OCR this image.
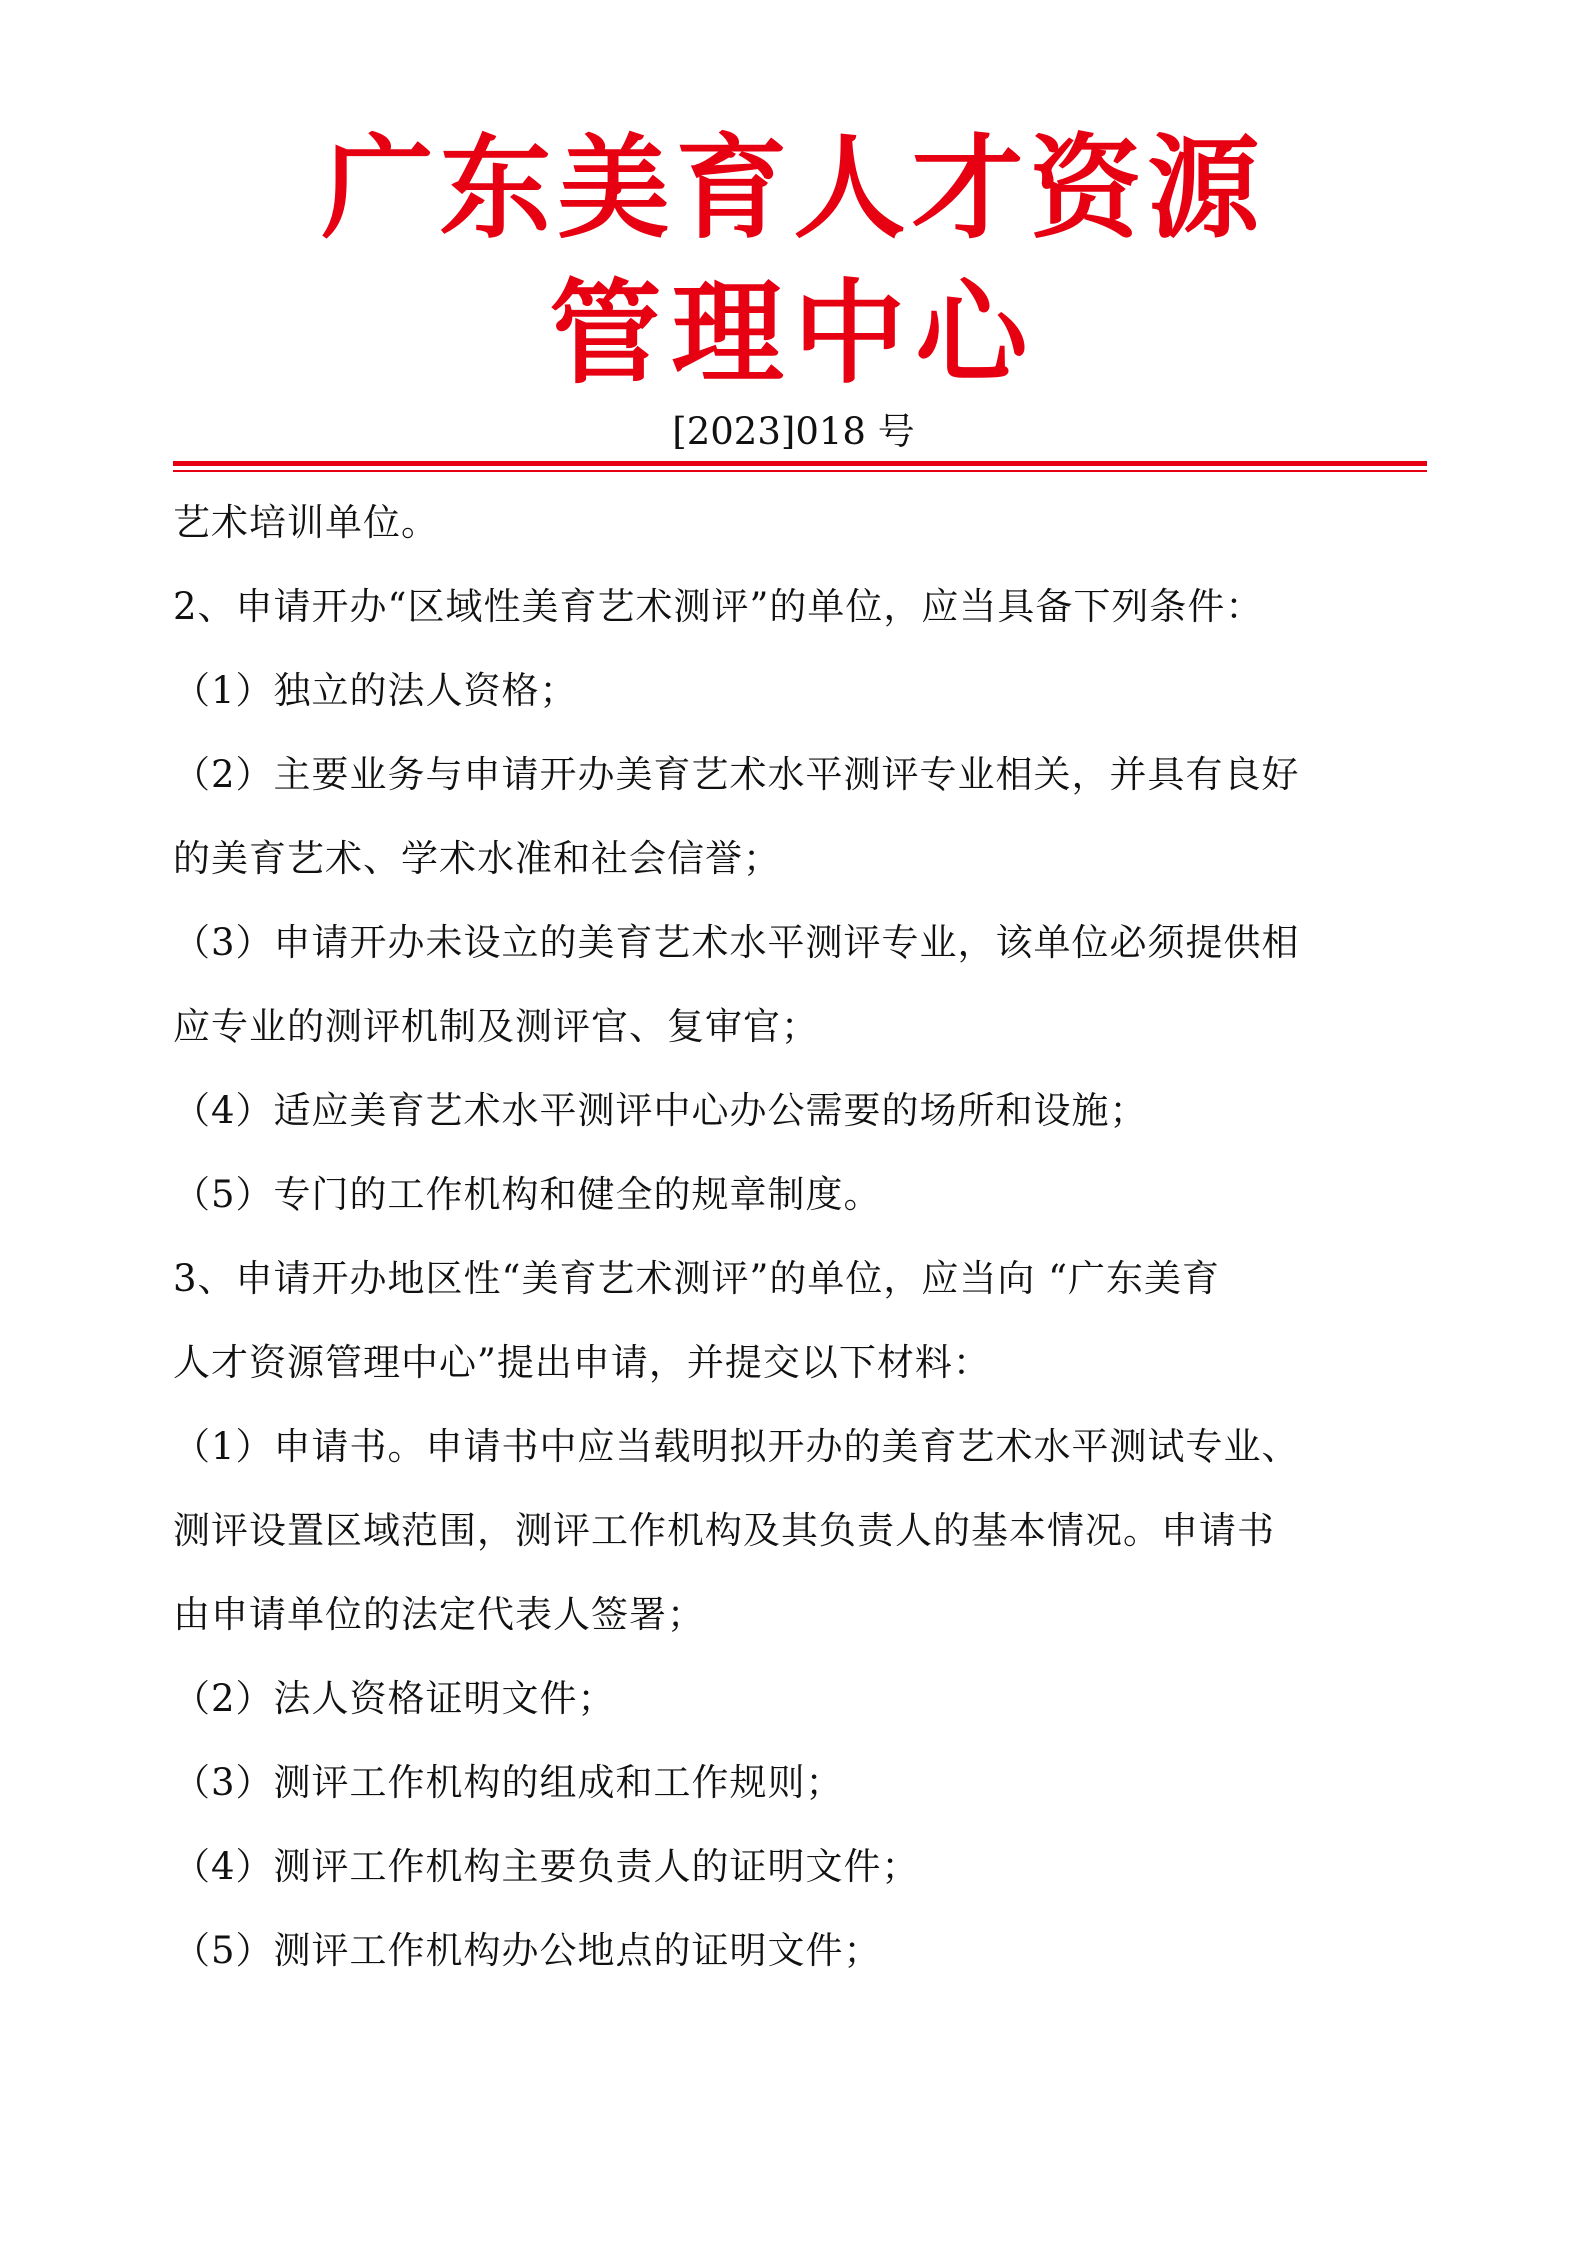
广东美育人才资源
管理中心
[2023]018 号

艺术培训单位。

2、申请开办“区域性美育艺术测评”的单位，应当具备下列条件：

（1）独立的法人资格；

（2）主要业务与申请开办美育艺术水平测评专业相关，并具有良好

的美育艺术、学术水准和社会信誉；

（3）申请开办未设立的美育艺术水平测评专业，该单位必须提供相

应专业的测评机制及测评官、复审官；

（4）适应美育艺术水平测评中心办公需要的场所和设施；

（5）专门的工作机构和健全的规章制度。

3、申请开办地区性“美育艺术测评”的单位，应当向 “广东美育

人才资源管理中心”提出申请，并提交以下材料：

（1）申请书。申请书中应当载明拟开办的美育艺术水平测试专业、

测评设置区域范围，测评工作机构及其负责人的基本情况。申请书

由申请单位的法定代表人签署；

（2）法人资格证明文件；

（3）测评工作机构的组成和工作规则；

（4）测评工作机构主要负责人的证明文件；

（5）测评工作机构办公地点的证明文件；
